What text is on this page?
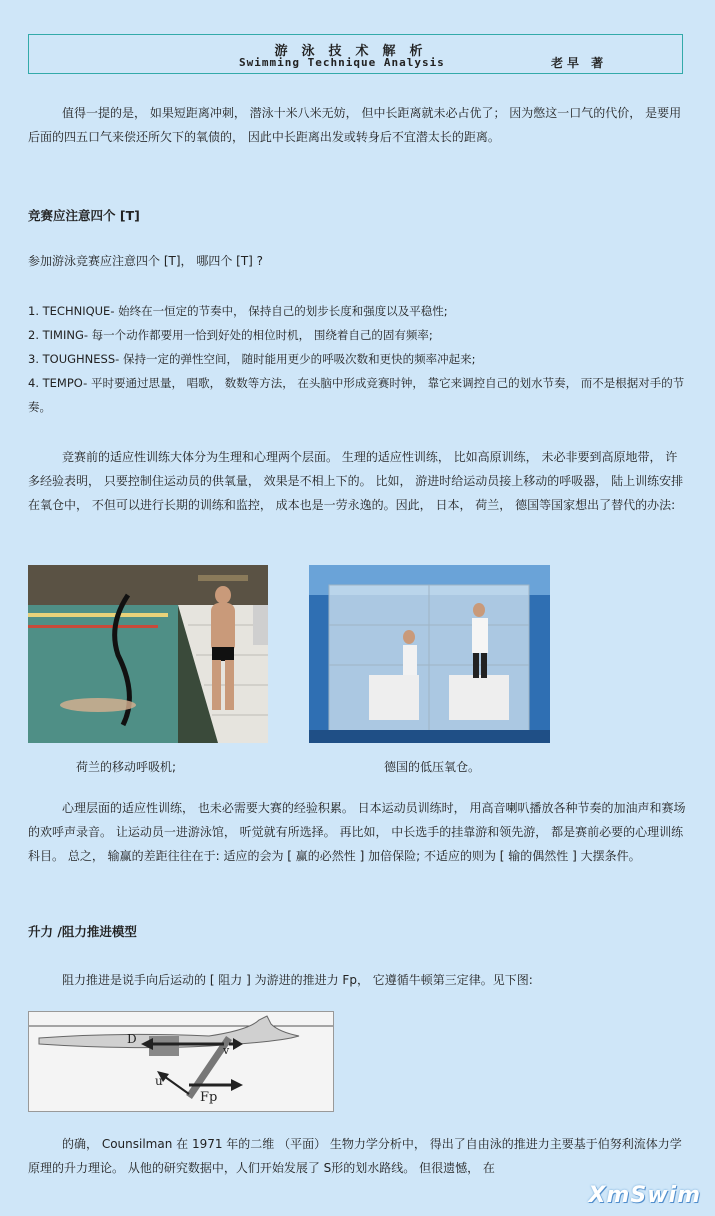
游泳技术解析
Swimming Technique Analysis	老早 著
值得一提的是， 如果短距离冲刺， 潜泳十米八米无妨， 但中长距离就未必占优了； 因为憋这一口气的代价， 是要用后面的四五口气来偿还所欠下的氧债的， 因此中长距离出发或转身后不宜潜太长的距离。
竞赛应注意四个 [T]
参加游泳竞赛应注意四个 [T]， 哪四个 [T] ?
1. TECHNIQUE- 始终在一恒定的节奏中， 保持自己的划步长度和强度以及平稳性;
2. TIMING- 每一个动作都要用一恰到好处的相位时机， 围绕着自己的固有频率;
3. TOUGHNESS- 保持一定的弹性空间， 随时能用更少的呼吸次数和更快的频率冲起来;
4. TEMPO- 平时要通过思量， 唱歌， 数数等方法， 在头脑中形成竞赛时钟， 靠它来调控自己的划水节奏， 而不是根据对手的节奏。
竞赛前的适应性训练大体分为生理和心理两个层面。 生理的适应性训练， 比如高原训练， 未必非要到高原地带， 许多经验表明， 只要控制住运动员的供氧量， 效果是不相上下的。 比如， 游进时给运动员接上移动的呼吸器， 陆上训练安排在氧仓中， 不但可以进行长期的训练和监控， 成本也是一劳永逸的。因此， 日本， 荷兰， 德国等国家想出了替代的办法:
荷兰的移动呼吸机;	德国的低压氧仓。
心理层面的适应性训练， 也未必需要大赛的经验积累。 日本运动员训练时， 用高音喇叭播放各种节奏的加油声和赛场的欢呼声录音。 让运动员一进游泳馆， 听觉就有所选择。 再比如， 中长选手的挂靠游和领先游， 都是赛前必要的心理训练科目。 总之， 输赢的差距往往在于: 适应的会为 [ 赢的必然性 ] 加倍保险; 不适应的则为 [ 输的偶然性 ] 大摆条件。
升力 /阻力推进模型
阻力推进是说手向后运动的 [ 阻力 ] 为游进的推进力 Fp， 它遵循牛顿第三定律。见下图:
D
v
u
Fp
的确， Counsilman 在 1971 年的二维 （平面） 生物力学分析中， 得出了自由泳的推进力主要基于伯努利流体力学原理的升力理论。 从他的研究数据中，人们开始发展了 S形的划水路线。 但很遗憾， 在
XmSwim
